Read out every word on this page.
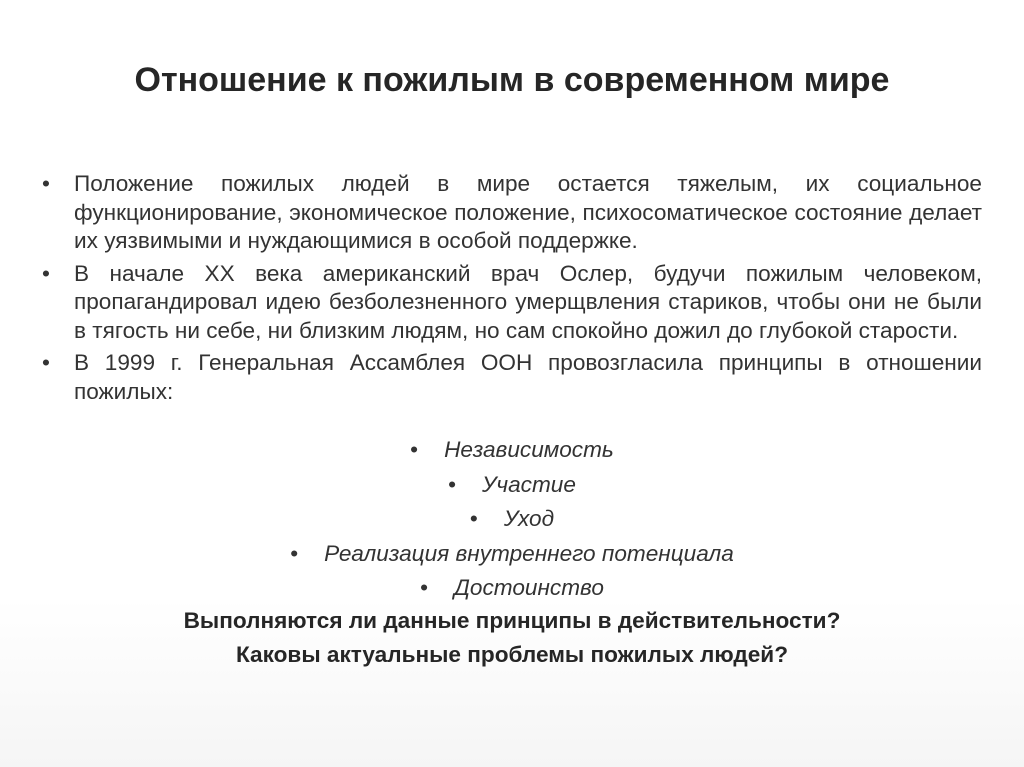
Отношение к пожилым в современном мире
• Положение пожилых людей в мире остается тяжелым, их социальное функционирование, экономическое положение, психосоматическое состояние делает их уязвимыми и нуждающимися в особой поддержке.
• В начале XX века американский врач Ослер, будучи пожилым человеком, пропагандировал идею безболезненного умерщвления стариков, чтобы они не были в тягость ни себе, ни близким людям, но сам спокойно дожил до глубокой старости.
• В 1999 г. Генеральная Ассамблея ООН провозгласила принципы в отношении пожилых:
• Независимость
• Участие
• Уход
• Реализация внутреннего потенциала
• Достоинство

Выполняются ли данные принципы в действительности?

Каковы актуальные проблемы пожилых людей?
